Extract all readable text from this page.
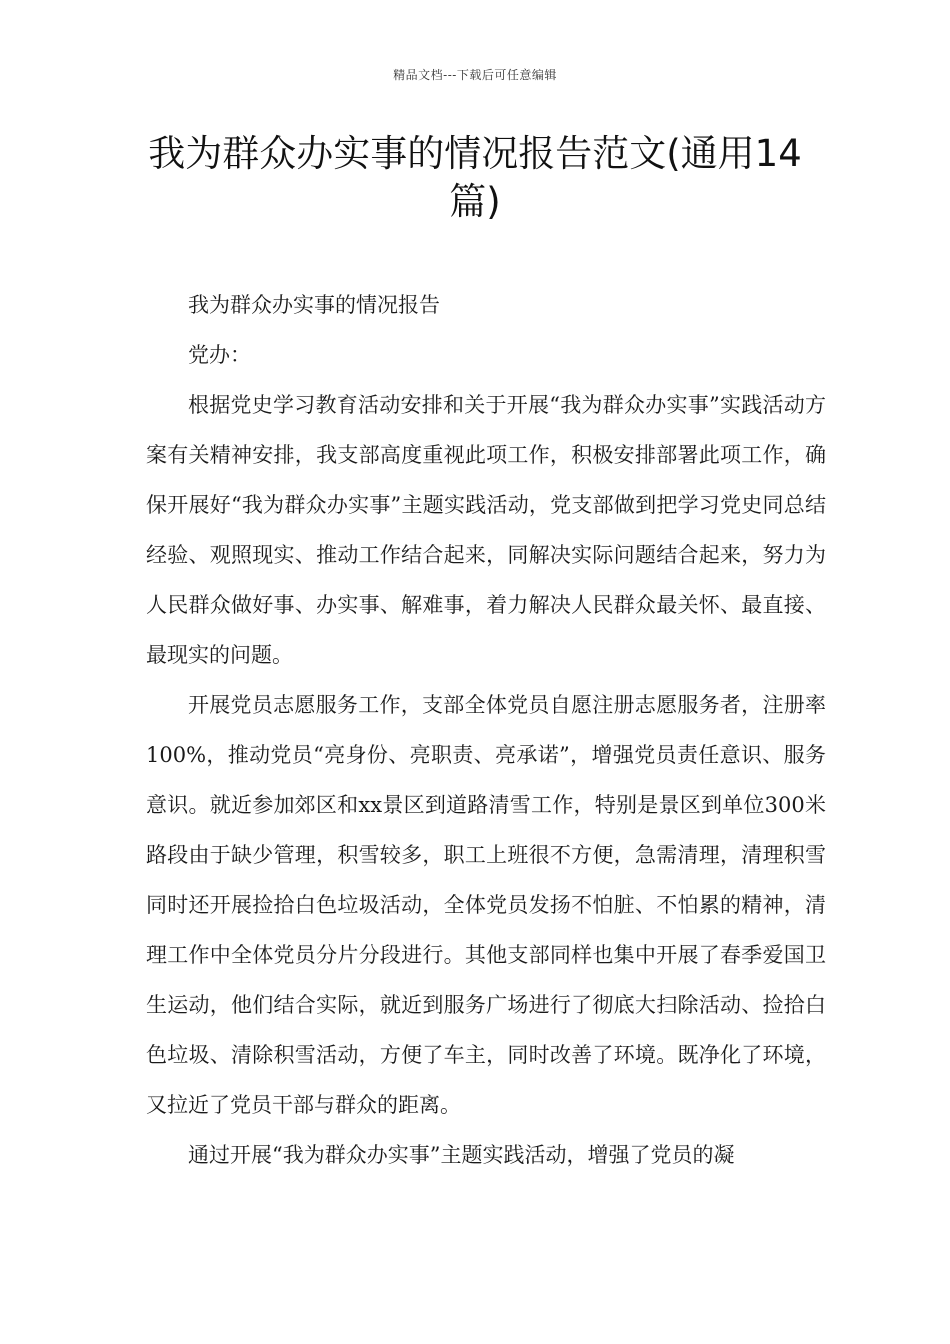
精品文档---下载后可任意编辑
我为群众办实事的情况报告范文(通用14篇)

我为群众办实事的情况报告

党办：

根据党史学习教育活动安排和关于开展“我为群众办实事”实践活动方案有关精神安排，我支部高度重视此项工作，积极安排部署此项工作，确保开展好“我为群众办实事”主题实践活动，党支部做到把学习党史同总结经验、观照现实、推动工作结合起来，同解决实际问题结合起来，努力为人民群众做好事、办实事、解难事，着力解决人民群众最关怀、最直接、最现实的问题。

开展党员志愿服务工作，支部全体党员自愿注册志愿服务者，注册率100%，推动党员“亮身份、亮职责、亮承诺”，增强党员责任意识、服务意识。就近参加郊区和xx景区到道路清雪工作，特别是景区到单位300米路段由于缺少管理，积雪较多，职工上班很不方便，急需清理，清理积雪同时还开展捡拾白色垃圾活动，全体党员发扬不怕脏、不怕累的精神，清理工作中全体党员分片分段进行。其他支部同样也集中开展了春季爱国卫生运动，他们结合实际，就近到服务广场进行了彻底大扫除活动、捡拾白色垃圾、清除积雪活动，方便了车主，同时改善了环境。既净化了环境，又拉近了党员干部与群众的距离。

通过开展“我为群众办实事”主题实践活动，增强了党员的凝
